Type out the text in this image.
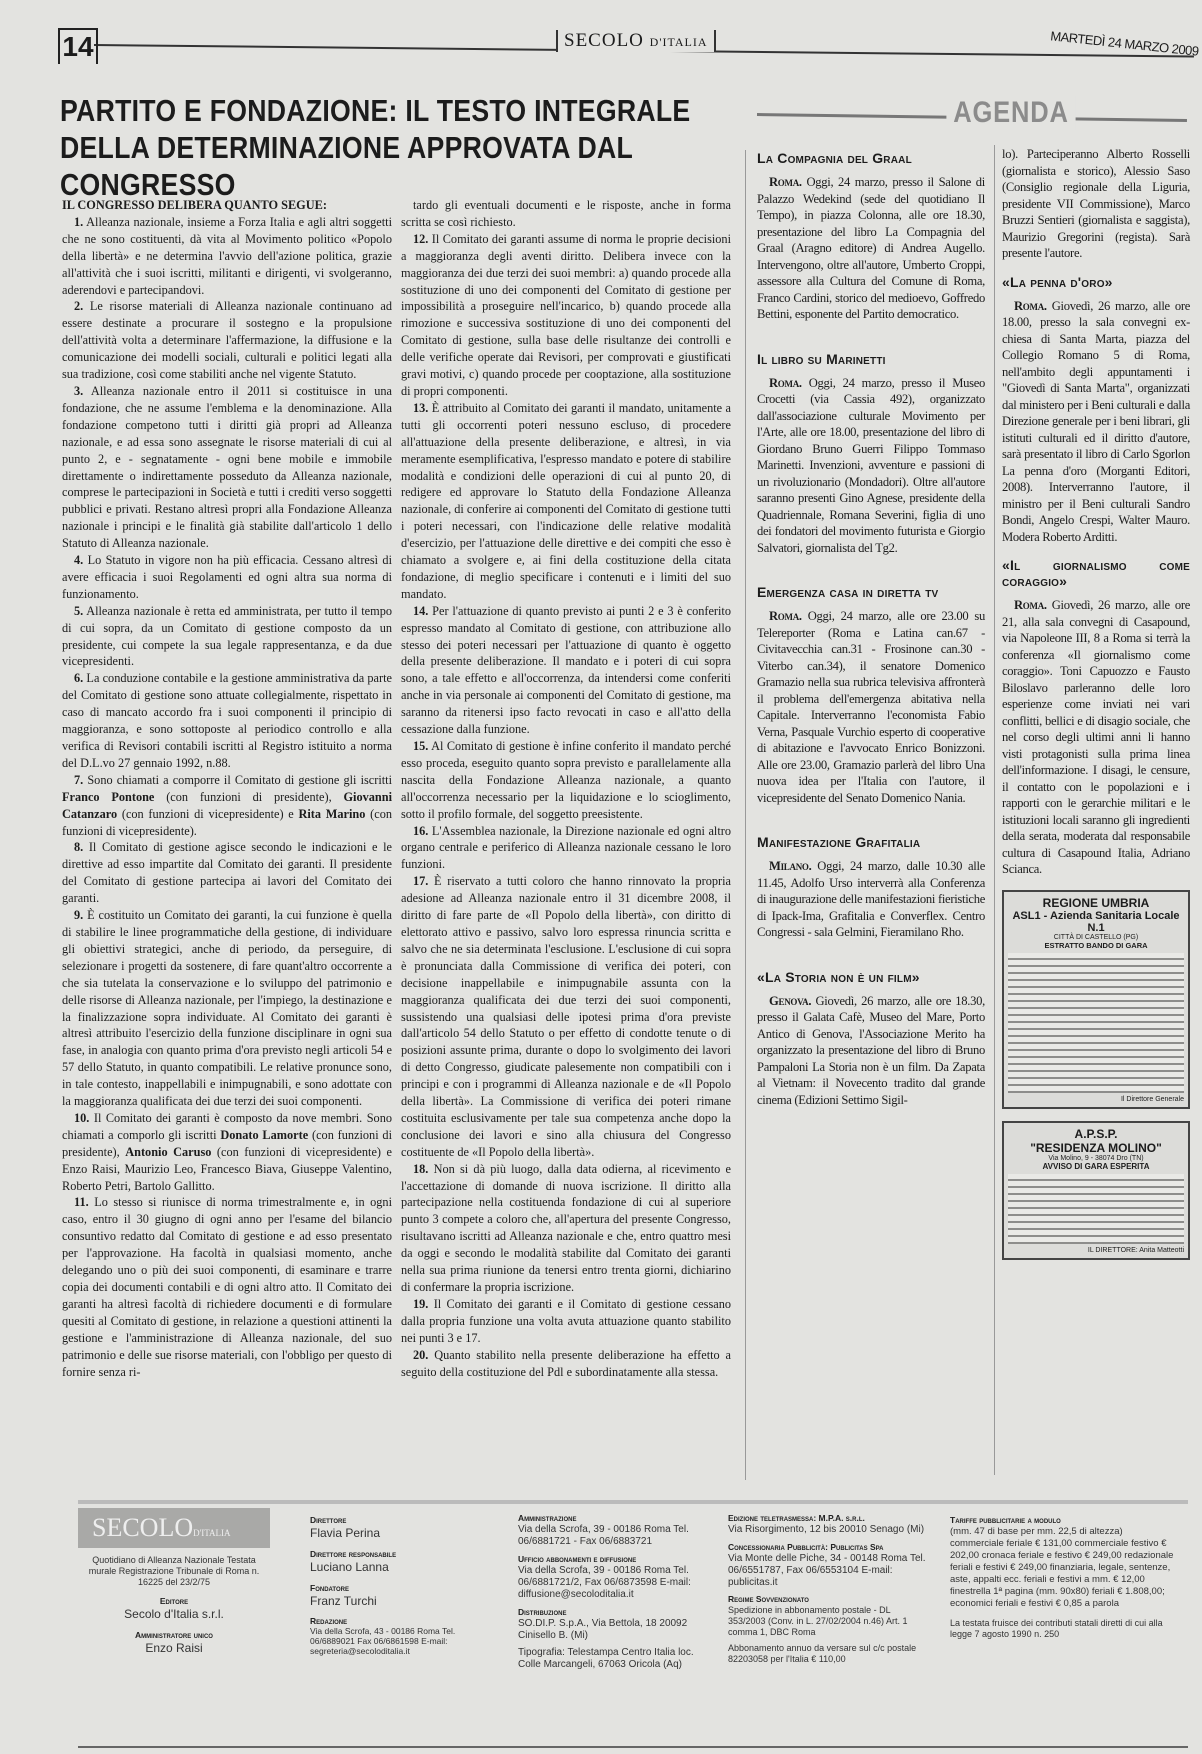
14	SECOLO D'ITALIA	MARTEDÌ 24 MARZO 2009
PARTITO E FONDAZIONE: IL TESTO INTEGRALE
DELLA DETERMINAZIONE APPROVATA DAL CONGRESSO

IL CONGRESSO DELIBERA QUANTO SEGUE:

1. Alleanza nazionale, insieme a Forza Italia e agli altri soggetti che ne sono costituenti, dà vita al Movimento politico «Popolo della libertà» e ne determina l'avvio dell'azione politica, grazie all'attività che i suoi iscritti, militanti e dirigenti, vi svolgeranno, aderendovi e partecipandovi.

2. Le risorse materiali di Alleanza nazionale continuano ad essere destinate a procurare il sostegno e la propulsione dell'attività volta a determinare l'affermazione, la diffusione e la comunicazione dei modelli sociali, culturali e politici legati alla sua tradizione, così come stabiliti anche nel vigente Statuto.

3. Alleanza nazionale entro il 2011 si costituisce in una fondazione, che ne assume l'emblema e la denominazione. Alla fondazione competono tutti i diritti già propri ad Alleanza nazionale, e ad essa sono assegnate le risorse materiali di cui al punto 2, e - segnatamente - ogni bene mobile e immobile direttamente o indirettamente posseduto da Alleanza nazionale, comprese le partecipazioni in Società e tutti i crediti verso soggetti pubblici e privati. Restano altresì propri alla Fondazione Alleanza nazionale i principi e le finalità già stabilite dall'articolo 1 dello Statuto di Alleanza nazionale.

4. Lo Statuto in vigore non ha più efficacia. Cessano altresì di avere efficacia i suoi Regolamenti ed ogni altra sua norma di funzionamento.

5. Alleanza nazionale è retta ed amministrata, per tutto il tempo di cui sopra, da un Comitato di gestione composto da un presidente, cui compete la sua legale rappresentanza, e da due vicepresidenti.

6. La conduzione contabile e la gestione amministrativa da parte del Comitato di gestione sono attuate collegialmente, rispettato in caso di mancato accordo fra i suoi componenti il principio di maggioranza, e sono sottoposte al periodico controllo e alla verifica di Revisori contabili iscritti al Registro istituito a norma del D.L.vo 27 gennaio 1992, n.88.

7. Sono chiamati a comporre il Comitato di gestione gli iscritti Franco Pontone (con funzioni di presidente), Giovanni Catanzaro (con funzioni di vicepresidente) e Rita Marino (con funzioni di vicepresidente).

8. Il Comitato di gestione agisce secondo le indicazioni e le direttive ad esso impartite dal Comitato dei garanti. Il presidente del Comitato di gestione partecipa ai lavori del Comitato dei garanti.

9. È costituito un Comitato dei garanti, la cui funzione è quella di stabilire le linee programmatiche della gestione, di individuare gli obiettivi strategici, anche di periodo, da perseguire, di selezionare i progetti da sostenere, di fare quant'altro occorrente a che sia tutelata la conservazione e lo sviluppo del patrimonio e delle risorse di Alleanza nazionale, per l'impiego, la destinazione e la finalizzazione sopra individuate. Al Comitato dei garanti è altresì attribuito l'esercizio della funzione disciplinare in ogni sua fase, in analogia con quanto prima d'ora previsto negli articoli 54 e 57 dello Statuto, in quanto compatibili. Le relative pronunce sono, in tale contesto, inappellabili e inimpugnabili, e sono adottate con la maggioranza qualificata dei due terzi dei suoi componenti.

10. Il Comitato dei garanti è composto da nove membri. Sono chiamati a comporlo gli iscritti Donato Lamorte (con funzioni di presidente), Antonio Caruso (con funzioni di vicepresidente) e Enzo Raisi, Maurizio Leo, Francesco Biava, Giuseppe Valentino, Roberto Petri, Bartolo Gallitto.

11. Lo stesso si riunisce di norma trimestralmente e, in ogni caso, entro il 30 giugno di ogni anno per l'esame del bilancio consuntivo redatto dal Comitato di gestione e ad esso presentato per l'approvazione. Ha facoltà in qualsiasi momento, anche delegando uno o più dei suoi componenti, di esaminare e trarre copia dei documenti contabili e di ogni altro atto. Il Comitato dei garanti ha altresì facoltà di richiedere documenti e di formulare quesiti al Comitato di gestione, in relazione a questioni attinenti la gestione e l'amministrazione di Alleanza nazionale, del suo patrimonio e delle sue risorse materiali, con l'obbligo per questo di fornire senza ri-

tardo gli eventuali documenti e le risposte, anche in forma scritta se così richiesto.

12. Il Comitato dei garanti assume di norma le proprie decisioni a maggioranza degli aventi diritto. Delibera invece con la maggioranza dei due terzi dei suoi membri: a) quando procede alla sostituzione di uno dei componenti del Comitato di gestione per impossibilità a proseguire nell'incarico, b) quando procede alla rimozione e successiva sostituzione di uno dei componenti del Comitato di gestione, sulla base delle risultanze dei controlli e delle verifiche operate dai Revisori, per comprovati e giustificati gravi motivi, c) quando procede per cooptazione, alla sostituzione di propri componenti.

13. È attribuito al Comitato dei garanti il mandato, unitamente a tutti gli occorrenti poteri nessuno escluso, di procedere all'attuazione della presente deliberazione, e altresì, in via meramente esemplificativa, l'espresso mandato e potere di stabilire modalità e condizioni delle operazioni di cui al punto 20, di redigere ed approvare lo Statuto della Fondazione Alleanza nazionale, di conferire ai componenti del Comitato di gestione tutti i poteri necessari, con l'indicazione delle relative modalità d'esercizio, per l'attuazione delle direttive e dei compiti che esso è chiamato a svolgere e, ai fini della costituzione della citata fondazione, di meglio specificare i contenuti e i limiti del suo mandato.

14. Per l'attuazione di quanto previsto ai punti 2 e 3 è conferito espresso mandato al Comitato di gestione, con attribuzione allo stesso dei poteri necessari per l'attuazione di quanto è oggetto della presente deliberazione. Il mandato e i poteri di cui sopra sono, a tale effetto e all'occorrenza, da intendersi come conferiti anche in via personale ai componenti del Comitato di gestione, ma saranno da ritenersi ipso facto revocati in caso e all'atto della cessazione dalla funzione.

15. Al Comitato di gestione è infine conferito il mandato perché esso proceda, eseguito quanto sopra previsto e parallelamente alla nascita della Fondazione Alleanza nazionale, a quanto all'occorrenza necessario per la liquidazione e lo scioglimento, sotto il profilo formale, del soggetto preesistente.

16. L'Assemblea nazionale, la Direzione nazionale ed ogni altro organo centrale e periferico di Alleanza nazionale cessano le loro funzioni.

17. È riservato a tutti coloro che hanno rinnovato la propria adesione ad Alleanza nazionale entro il 31 dicembre 2008, il diritto di fare parte de «Il Popolo della libertà», con diritto di elettorato attivo e passivo, salvo loro espressa rinuncia scritta e salvo che ne sia determinata l'esclusione. L'esclusione di cui sopra è pronunciata dalla Commissione di verifica dei poteri, con decisione inappellabile e inimpugnabile assunta con la maggioranza qualificata dei due terzi dei suoi componenti, sussistendo una qualsiasi delle ipotesi prima d'ora previste dall'articolo 54 dello Statuto o per effetto di condotte tenute o di posizioni assunte prima, durante o dopo lo svolgimento dei lavori di detto Congresso, giudicate palesemente non compatibili con i principi e con i programmi di Alleanza nazionale e de «Il Popolo della libertà». La Commissione di verifica dei poteri rimane costituita esclusivamente per tale sua competenza anche dopo la conclusione dei lavori e sino alla chiusura del Congresso costituente de «Il Popolo della libertà».

18. Non si dà più luogo, dalla data odierna, al ricevimento e l'accettazione di domande di nuova iscrizione. Il diritto alla partecipazione nella costituenda fondazione di cui al superiore punto 3 compete a coloro che, all'apertura del presente Congresso, risultavano iscritti ad Alleanza nazionale e che, entro quattro mesi da oggi e secondo le modalità stabilite dal Comitato dei garanti nella sua prima riunione da tenersi entro trenta giorni, dichiarino di confermare la propria iscrizione.

19. Il Comitato dei garanti e il Comitato di gestione cessano dalla propria funzione una volta avuta attuazione quanto stabilito nei punti 3 e 17.

20. Quanto stabilito nella presente deliberazione ha effetto a seguito della costituzione del Pdl e subordinatamente alla stessa.

AGENDA
La Compagnia del Graal

Roma. Oggi, 24 marzo, presso il Salone di Palazzo Wedekind (sede del quotidiano Il Tempo), in piazza Colonna, alle ore 18.30, presentazione del libro La Compagnia del Graal (Aragno editore) di Andrea Augello. Intervengono, oltre all'autore, Umberto Croppi, assessore alla Cultura del Comune di Roma, Franco Cardini, storico del medioevo, Goffredo Bettini, esponente del Partito democratico.

Il libro su Marinetti

Roma. Oggi, 24 marzo, presso il Museo Crocetti (via Cassia 492), organizzato dall'associazione culturale Movimento per l'Arte, alle ore 18.00, presentazione del libro di Giordano Bruno Guerri Filippo Tommaso Marinetti. Invenzioni, avventure e passioni di un rivoluzionario (Mondadori). Oltre all'autore saranno presenti Gino Agnese, presidente della Quadriennale, Romana Severini, figlia di uno dei fondatori del movimento futurista e Giorgio Salvatori, giornalista del Tg2.

Emergenza casa in diretta tv

Roma. Oggi, 24 marzo, alle ore 23.00 su Telereporter (Roma e Latina can.67 - Civitavecchia can.31 - Frosinone can.30 - Viterbo can.34), il senatore Domenico Gramazio nella sua rubrica televisiva affronterà il problema dell'emergenza abitativa nella Capitale. Interverranno l'economista Fabio Verna, Pasquale Vurchio esperto di cooperative di abitazione e l'avvocato Enrico Bonizzoni. Alle ore 23.00, Gramazio parlerà del libro Una nuova idea per l'Italia con l'autore, il vicepresidente del Senato Domenico Nania.

Manifestazione Grafitalia

Milano. Oggi, 24 marzo, dalle 10.30 alle 11.45, Adolfo Urso interverrà alla Conferenza di inaugurazione delle manifestazioni fieristiche di Ipack-Ima, Grafitalia e Converflex. Centro Congressi - sala Gelmini, Fieramilano Rho.

«La Storia non è un film»

Genova. Giovedì, 26 marzo, alle ore 18.30, presso il Galata Cafè, Museo del Mare, Porto Antico di Genova, l'Associazione Merito ha organizzato la presentazione del libro di Bruno Pampaloni La Storia non è un film. Da Zapata al Vietnam: il Novecento tradito dal grande cinema (Edizioni Settimo Sigil-

lo). Parteciperanno Alberto Rosselli (giornalista e storico), Alessio Saso (Consiglio regionale della Liguria, presidente VII Commissione), Marco Bruzzi Sentieri (giornalista e saggista), Maurizio Gregorini (regista). Sarà presente l'autore.

«La penna d'oro»

Roma. Giovedì, 26 marzo, alle ore 18.00, presso la sala convegni ex-chiesa di Santa Marta, piazza del Collegio Romano 5 di Roma, nell'ambito degli appuntamenti i "Giovedì di Santa Marta", organizzati dal ministero per i Beni culturali e dalla Direzione generale per i beni librari, gli istituti culturali ed il diritto d'autore, sarà presentato il libro di Carlo Sgorlon La penna d'oro (Morganti Editori, 2008). Interverranno l'autore, il ministro per il Beni culturali Sandro Bondi, Angelo Crespi, Walter Mauro. Modera Roberto Arditti.

«Il giornalismo come coraggio»

Roma. Giovedì, 26 marzo, alle ore 21, alla sala convegni di Casapound, via Napoleone III, 8 a Roma si terrà la conferenza «Il giornalismo come coraggio». Toni Capuozzo e Fausto Biloslavo parleranno delle loro esperienze come inviati nei vari conflitti, bellici e di disagio sociale, che nel corso degli ultimi anni li hanno visti protagonisti sulla prima linea dell'informazione. I disagi, le censure, il contatto con le popolazioni e i rapporti con le gerarchie militari e le istituzioni locali saranno gli ingredienti della serata, moderata dal responsabile cultura di Casapound Italia, Adriano Scianca.

REGIONE UMBRIA
ASL1 - Azienda Sanitaria Locale N.1
CITTÀ DI CASTELLO (PG)
ESTRATTO BANDO DI GARA
Il Direttore Generale
A.P.S.P.
"RESIDENZA MOLINO"
Via Molino, 9 - 38074 Dro (TN)
AVVISO DI GARA ESPERITA
IL DIRETTORE: Anita Matteotti
SECOLOD'ITALIA
Quotidiano di Alleanza Nazionale Testata murale Registrazione Tribunale di Roma n. 16225 del 23/2/75
Editore
Secolo d'Italia s.r.l.
Amministratore unico
Enzo Raisi
Direttore
Flavia Perina
Direttore responsabile
Luciano Lanna
Fondatore
Franz Turchi
Redazione
Via della Scrofa, 43 - 00186 Roma Tel. 06/6889021 Fax 06/6861598 E-mail: segreteria@secoloditalia.it
Amministrazione
Via della Scrofa, 39 - 00186 Roma Tel. 06/6881721 - Fax 06/6883721
Ufficio abbonamenti e diffusione
Via della Scrofa, 39 - 00186 Roma Tel. 06/6881721/2, Fax 06/6873598 E-mail: diffusione@secoloditalia.it
Distribuzione
SO.DI.P. S.p.A., Via Bettola, 18 20092 Cinisello B. (Mi)
Tipografia: Telestampa Centro Italia loc. Colle Marcangeli, 67063 Oricola (Aq)
Edizione teletrasmessa: M.P.A. s.r.l.
Via Risorgimento, 12 bis 20010 Senago (Mi)
Concessionaria Pubblicità: Publicitas Spa
Via Monte delle Piche, 34 - 00148 Roma Tel. 06/6551787, Fax 06/6553104 E-mail: publicitas.it
Regime Sovvenzionato
Spedizione in abbonamento postale - DL 353/2003 (Conv. in L. 27/02/2004 n.46) Art. 1 comma 1, DBC Roma
Abbonamento annuo da versare sul c/c postale 82203058 per l'Italia € 110,00
Tariffe pubblicitarie a modulo
(mm. 47 di base per mm. 22,5 di altezza) commerciale feriale € 131,00 commerciale festivo € 202,00 cronaca feriale e festivo € 249,00 redazionale feriali e festivi € 249,00 finanziaria, legale, sentenze, aste, appalti ecc. feriali e festivi a mm. € 12,00 finestrella 1ª pagina (mm. 90x80) feriali € 1.808,00; economici feriali e festivi € 0,85 a parola
La testata fruisce dei contributi statali diretti di cui alla legge 7 agosto 1990 n. 250
